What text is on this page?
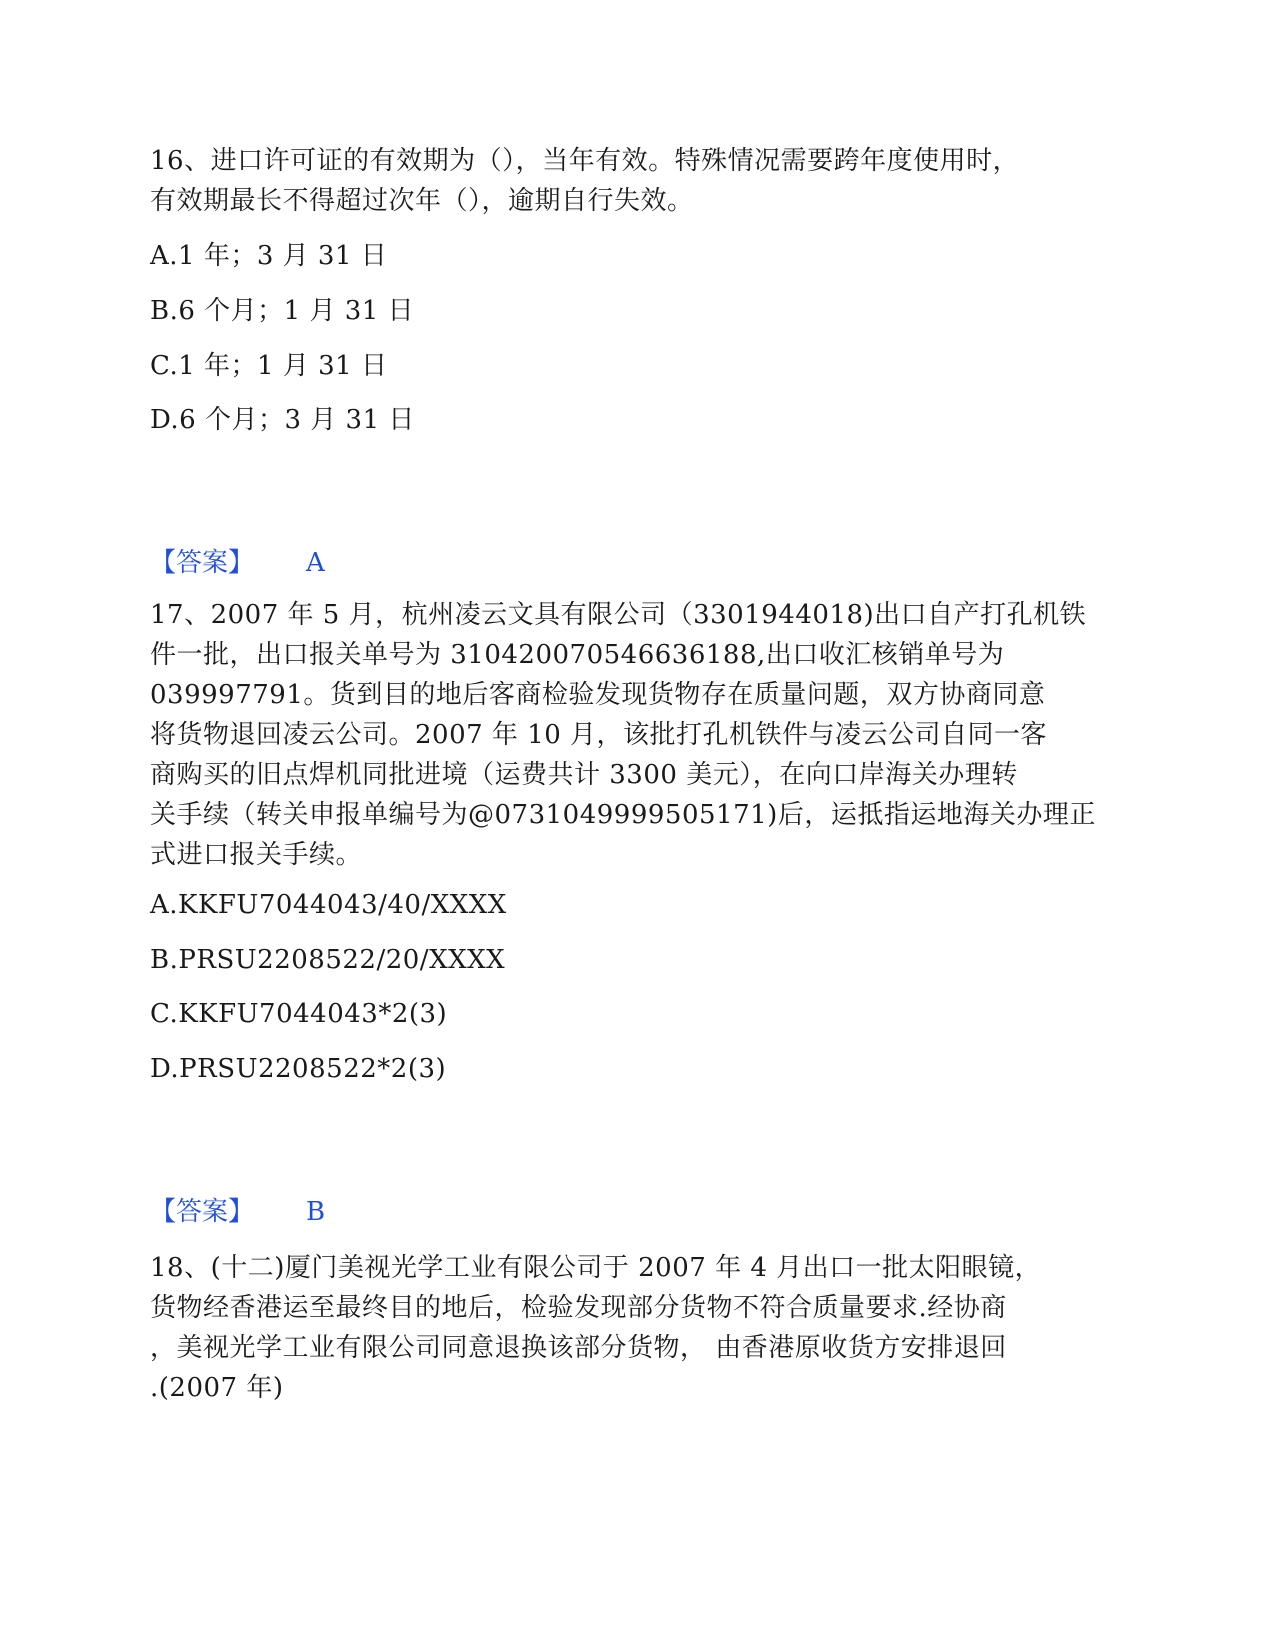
16、进口许可证的有效期为（），当年有效。特殊情况需要跨年度使用时，
有效期最长不得超过次年（），逾期自行失效。
A.1 年；3 月 31 日
B.6 个月；1 月 31 日
C.1 年；1 月 31 日
D.6 个月；3 月 31 日
【答案】 A
17、2007 年 5 月，杭州凌云文具有限公司（3301944018)出口自产打孔机铁
件一批，出口报关单号为 310420070546636188,出口收汇核销单号为
039997791。货到目的地后客商检验发现货物存在质量问题，双方协商同意
将货物退回凌云公司。2007 年 10 月，该批打孔机铁件与凌云公司自同一客
商购买的旧点焊机同批进境（运费共计 3300 美元），在向口岸海关办理转
关手续（转关申报单编号为@07310499995051​71)后，运抵指运地海关办理正
式进口报关手续。
A.KKFU7044043/40/XXXX
B.PRSU2208522/20/XXXX
C.KKFU7044043*2(3)
D.PRSU2208522*2(3)
【答案】 B
18、(十二)厦门美视光学工业有限公司于 2007 年 4 月出口一批太阳眼镜，
货物经香港运至最终目的地后，检验发现部分货物不符合质量要求.经协商
，美视光学工业有限公司同意退换该部分货物， 由香港原收货方安排退回
.(2007 年)
